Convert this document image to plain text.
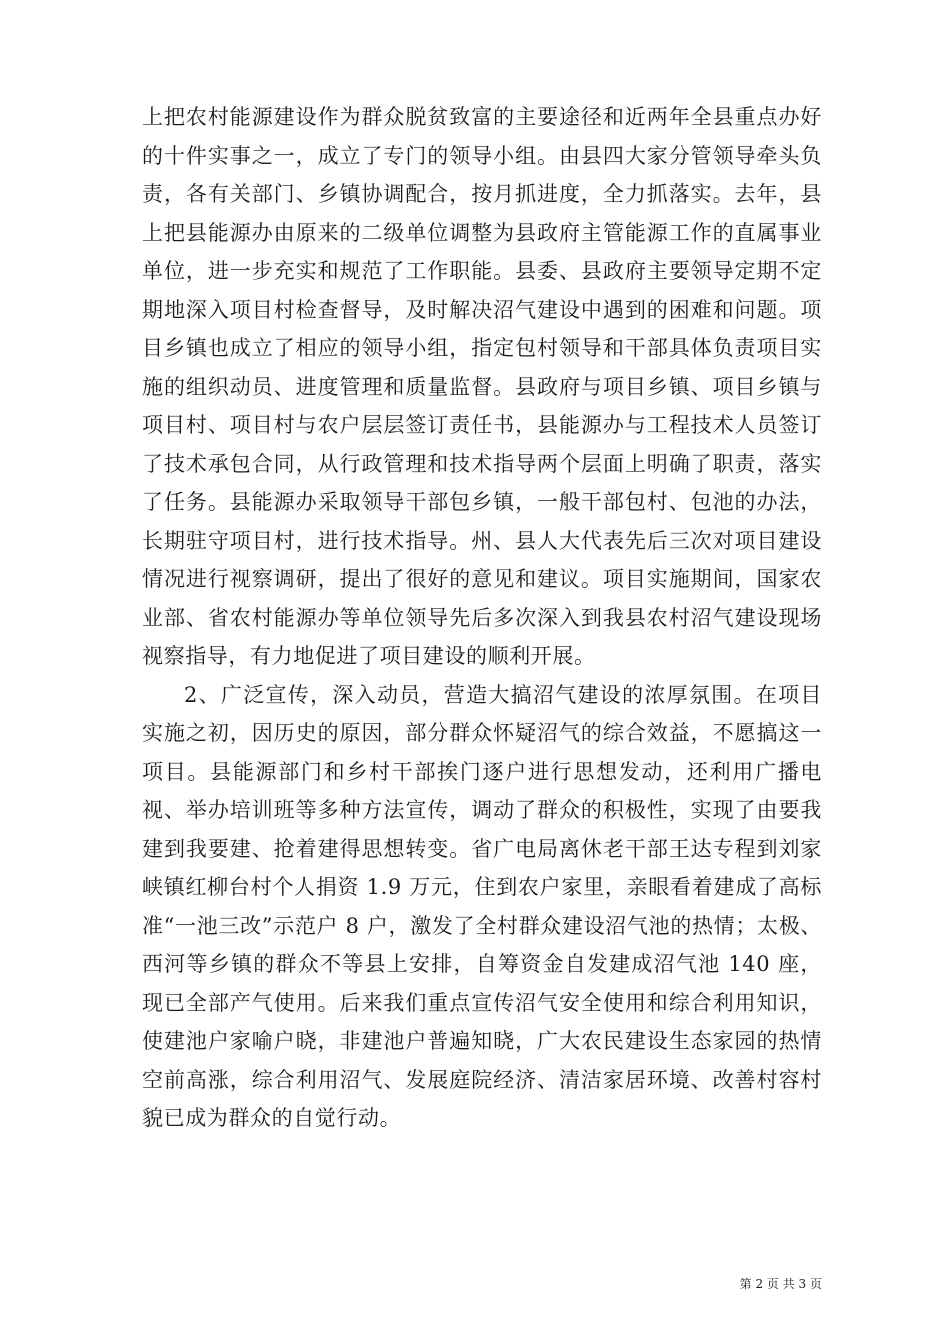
上把农村能源建设作为群众脱贫致富的主要途径和近两年全县重点办好的十件实事之一，成立了专门的领导小组。由县四大家分管领导牵头负责，各有关部门、乡镇协调配合，按月抓进度，全力抓落实。去年，县上把县能源办由原来的二级单位调整为县政府主管能源工作的直属事业单位，进一步充实和规范了工作职能。县委、县政府主要领导定期不定期地深入项目村检查督导，及时解决沼气建设中遇到的困难和问题。项目乡镇也成立了相应的领导小组，指定包村领导和干部具体负责项目实施的组织动员、进度管理和质量监督。县政府与项目乡镇、项目乡镇与项目村、项目村与农户层层签订责任书，县能源办与工程技术人员签订了技术承包合同，从行政管理和技术指导两个层面上明确了职责，落实了任务。县能源办采取领导干部包乡镇，一般干部包村、包池的办法，长期驻守项目村，进行技术指导。州、县人大代表先后三次对项目建设情况进行视察调研，提出了很好的意见和建议。项目实施期间，国家农业部、省农村能源办等单位领导先后多次深入到我县农村沼气建设现场视察指导，有力地促进了项目建设的顺利开展。

2、广泛宣传，深入动员，营造大搞沼气建设的浓厚氛围。在项目实施之初，因历史的原因，部分群众怀疑沼气的综合效益，不愿搞这一项目。县能源部门和乡村干部挨门逐户进行思想发动，还利用广播电视、举办培训班等多种方法宣传，调动了群众的积极性，实现了由要我建到我要建、抢着建得思想转变。省广电局离休老干部王达专程到刘家峡镇红柳台村个人捐资 1.9 万元，住到农户家里，亲眼看着建成了高标准“一池三改”示范户 8 户，激发了全村群众建设沼气池的热情；太极、西河等乡镇的群众不等县上安排，自筹资金自发建成沼气池 140 座，现已全部产气使用。后来我们重点宣传沼气安全使用和综合利用知识，使建池户家喻户晓，非建池户普遍知晓，广大农民建设生态家园的热情空前高涨，综合利用沼气、发展庭院经济、清洁家居环境、改善村容村貌已成为群众的自觉行动。

第 2 页 共 3 页
